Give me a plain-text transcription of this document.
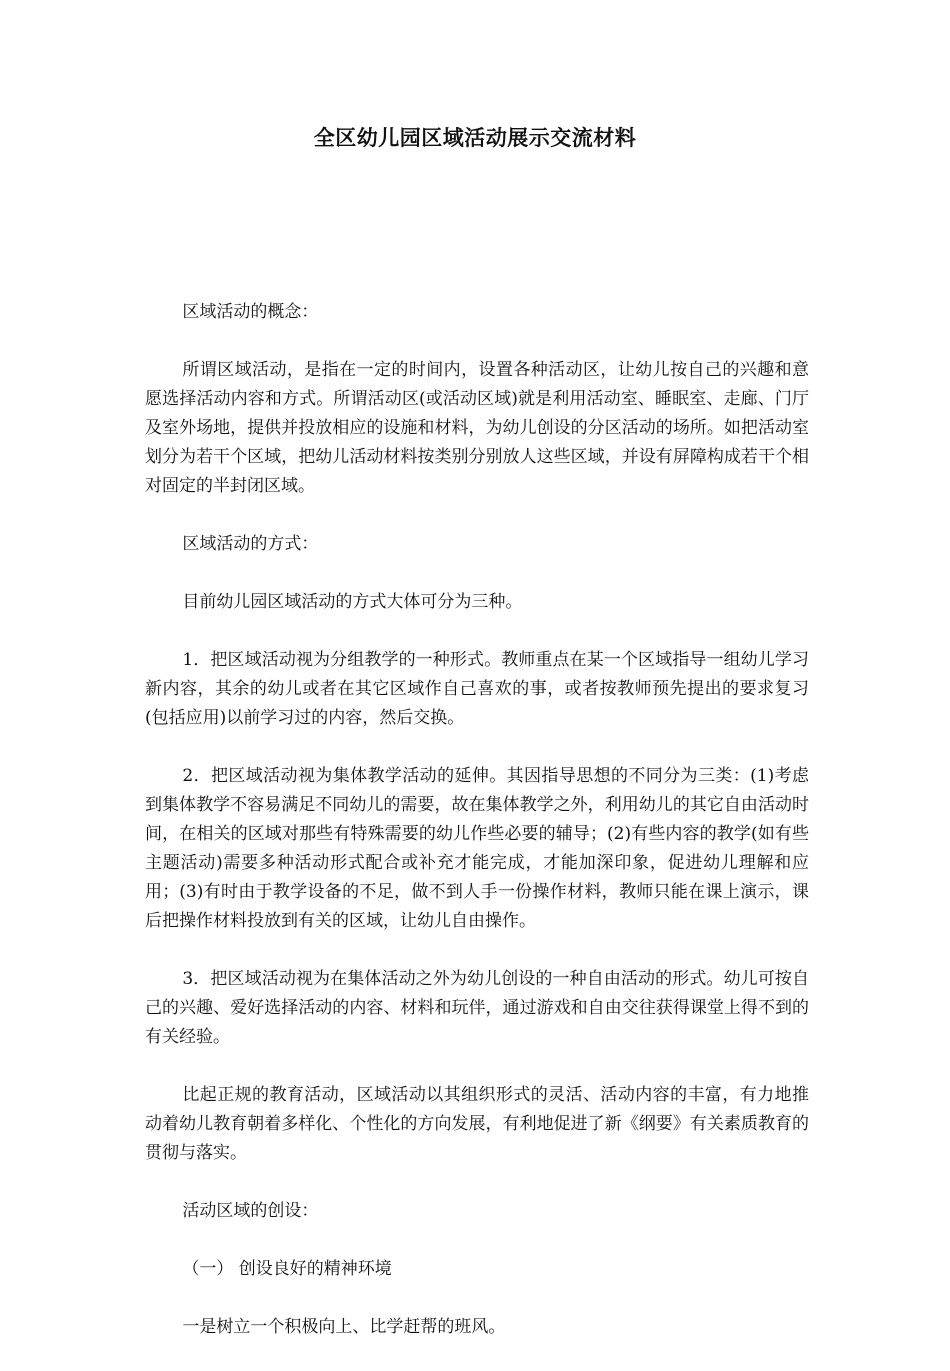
全区幼儿园区域活动展示交流材料

区域活动的概念：

所谓区域活动，是指在一定的时间内，设置各种活动区，让幼儿按自己的兴趣和意愿选择活动内容和方式。所谓活动区(或活动区域)就是利用活动室、睡眠室、走廊、门厅及室外场地，提供并投放相应的设施和材料，为幼儿创设的分区活动的场所。如把活动室划分为若干个区域，把幼儿活动材料按类别分别放人这些区域，并设有屏障构成若干个相对固定的半封闭区域。

区域活动的方式：

目前幼儿园区域活动的方式大体可分为三种。

1．把区域活动视为分组教学的一种形式。教师重点在某一个区域指导一组幼儿学习新内容，其余的幼儿或者在其它区域作自己喜欢的事，或者按教师预先提出的要求复习(包括应用)以前学习过的内容，然后交换。

2．把区域活动视为集体教学活动的延伸。其因指导思想的不同分为三类：(1)考虑到集体教学不容易满足不同幼儿的需要，故在集体教学之外，利用幼儿的其它自由活动时间，在相关的区域对那些有特殊需要的幼儿作些必要的辅导；(2)有些内容的教学(如有些主题活动)需要多种活动形式配合或补充才能完成，才能加深印象，促进幼儿理解和应用；(3)有时由于教学设备的不足，做不到人手一份操作材料，教师只能在课上演示，课后把操作材料投放到有关的区域，让幼儿自由操作。

3．把区域活动视为在集体活动之外为幼儿创设的一种自由活动的形式。幼儿可按自己的兴趣、爱好选择活动的内容、材料和玩伴，通过游戏和自由交往获得课堂上得不到的有关经验。

比起正规的教育活动，区域活动以其组织形式的灵活、活动内容的丰富，有力地推动着幼儿教育朝着多样化、个性化的方向发展，有利地促进了新《纲要》有关素质教育的贯彻与落实。

活动区域的创设：

（一） 创设良好的精神环境

一是树立一个积极向上、比学赶帮的班风。
